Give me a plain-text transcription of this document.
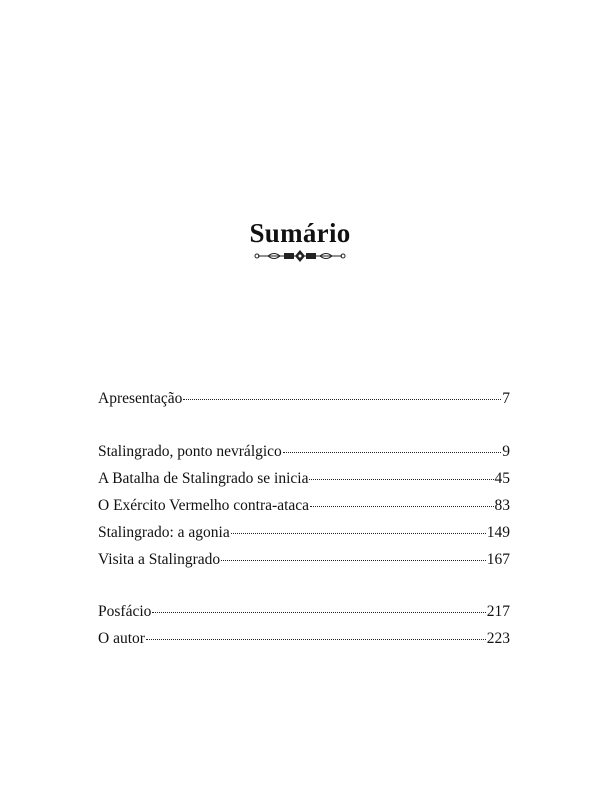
Sumário
Apresentação	7
Stalingrado, ponto nevrálgico	9
A Batalha de Stalingrado se inicia	45
O Exército Vermelho contra-ataca	83
Stalingrado: a agonia	149
Visita a Stalingrado	167
Posfácio	217
O autor	223
